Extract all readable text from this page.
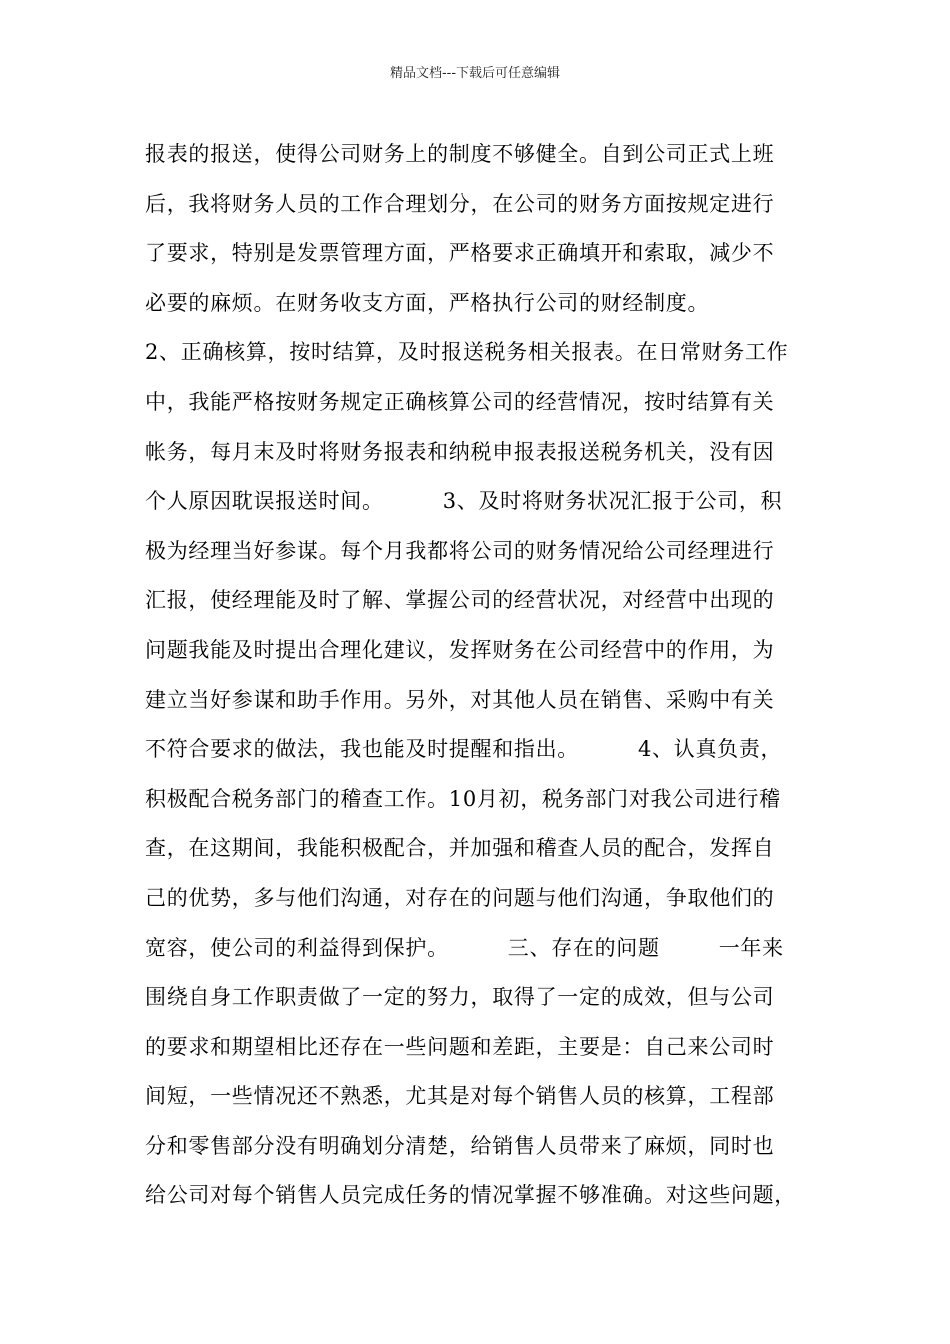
精品文档---下载后可任意编辑
报表的报送，使得公司财务上的制度不够健全。自到公司正式上班
后，我将财务人员的工作合理划分，在公司的财务方面按规定进行
了要求，特别是发票管理方面，严格要求正确填开和索取，减少不
必要的麻烦。在财务收支方面，严格执行公司的财经制度。
2、正确核算，按时结算，及时报送税务相关报表。在日常财务工作
中，我能严格按财务规定正确核算公司的经营情况，按时结算有关
帐务，每月末及时将财务报表和纳税申报表报送税务机关，没有因
个人原因耽误报送时间。        3、及时将财务状况汇报于公司，积
极为经理当好参谋。每个月我都将公司的财务情况给公司经理进行
汇报，使经理能及时了解、掌握公司的经营状况，对经营中出现的
问题我能及时提出合理化建议，发挥财务在公司经营中的作用，为
建立当好参谋和助手作用。另外，对其他人员在销售、采购中有关
不符合要求的做法，我也能及时提醒和指出。        4、认真负责，
积极配合税务部门的稽查工作。10月初，税务部门对我公司进行稽
查，在这期间，我能积极配合，并加强和稽查人员的配合，发挥自
己的优势，多与他们沟通，对存在的问题与他们沟通，争取他们的
宽容，使公司的利益得到保护。        三、存在的问题        一年来
围绕自身工作职责做了一定的努力，取得了一定的成效，但与公司
的要求和期望相比还存在一些问题和差距，主要是：自己来公司时
间短，一些情况还不熟悉，尤其是对每个销售人员的核算，工程部
分和零售部分没有明确划分清楚，给销售人员带来了麻烦，同时也
给公司对每个销售人员完成任务的情况掌握不够准确。对这些问题，
